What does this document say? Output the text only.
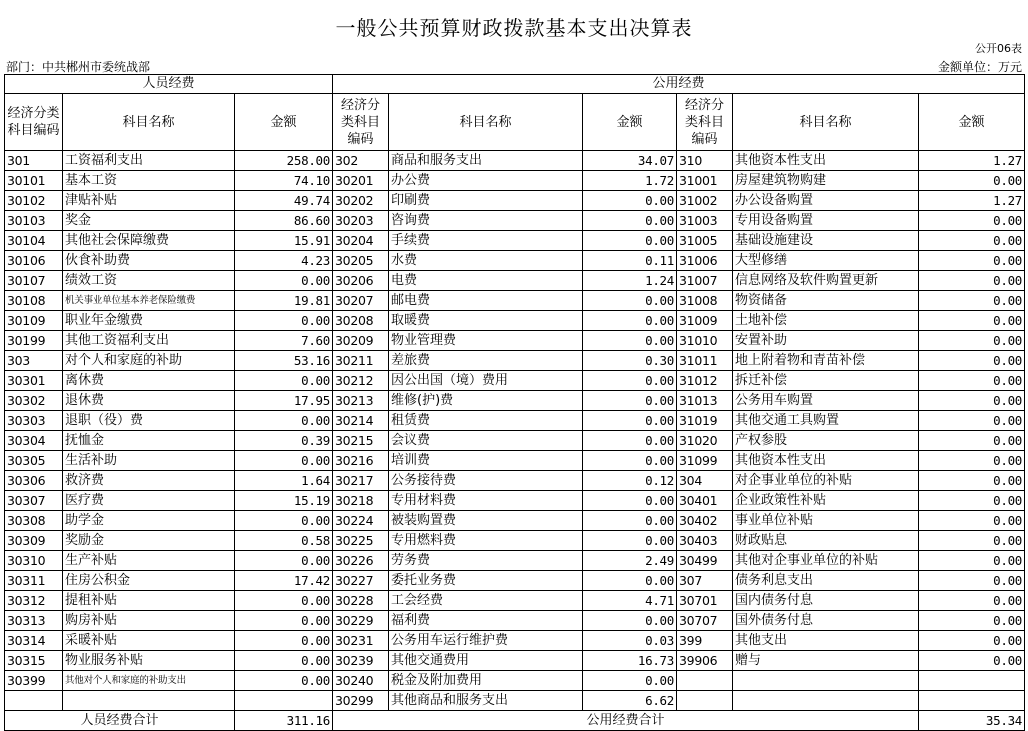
一般公共预算财政拨款基本支出决算表
公开06表
部门：中共郴州市委统战部	金额单位：万元
人员经费			公用经费					
经济分类科目编码	科目名称	金额	经济分类科目编码	科目名称	金额	经济分类科目编码	科目名称	金额
301	工资福利支出	258.00	302	商品和服务支出	34.07	310	其他资本性支出	1.27
30101	基本工资	74.10	30201	办公费	1.72	31001	房屋建筑物购建	0.00
30102	津贴补贴	49.74	30202	印刷费	0.00	31002	办公设备购置	1.27
30103	奖金	86.60	30203	咨询费	0.00	31003	专用设备购置	0.00
30104	其他社会保障缴费	15.91	30204	手续费	0.00	31005	基础设施建设	0.00
30106	伙食补助费	4.23	30205	水费	0.11	31006	大型修缮	0.00
30107	绩效工资	0.00	30206	电费	1.24	31007	信息网络及软件购置更新	0.00
30108	机关事业单位基本养老保险缴费	19.81	30207	邮电费	0.00	31008	物资储备	0.00
30109	职业年金缴费	0.00	30208	取暖费	0.00	31009	土地补偿	0.00
30199	其他工资福利支出	7.60	30209	物业管理费	0.00	31010	安置补助	0.00
303	对个人和家庭的补助	53.16	30211	差旅费	0.30	31011	地上附着物和青苗补偿	0.00
30301	离休费	0.00	30212	因公出国（境）费用	0.00	31012	拆迁补偿	0.00
30302	退休费	17.95	30213	维修(护)费	0.00	31013	公务用车购置	0.00
30303	退职（役）费	0.00	30214	租赁费	0.00	31019	其他交通工具购置	0.00
30304	抚恤金	0.39	30215	会议费	0.00	31020	产权参股	0.00
30305	生活补助	0.00	30216	培训费	0.00	31099	其他资本性支出	0.00
30306	救济费	1.64	30217	公务接待费	0.12	304	对企事业单位的补贴	0.00
30307	医疗费	15.19	30218	专用材料费	0.00	30401	企业政策性补贴	0.00
30308	助学金	0.00	30224	被装购置费	0.00	30402	事业单位补贴	0.00
30309	奖励金	0.58	30225	专用燃料费	0.00	30403	财政贴息	0.00
30310	生产补贴	0.00	30226	劳务费	2.49	30499	其他对企事业单位的补贴	0.00
30311	住房公积金	17.42	30227	委托业务费	0.00	307	债务利息支出	0.00
30312	提租补贴	0.00	30228	工会经费	4.71	30701	国内债务付息	0.00
30313	购房补贴	0.00	30229	福利费	0.00	30707	国外债务付息	0.00
30314	采暖补贴	0.00	30231	公务用车运行维护费	0.03	399	其他支出	0.00
30315	物业服务补贴	0.00	30239	其他交通费用	16.73	39906	赠与	0.00
30399	其他对个人和家庭的补助支出	0.00	30240	税金及附加费用	0.00			
			30299	其他商品和服务支出	6.62			
人员经费合计		311.16	公用经费合计					35.34
